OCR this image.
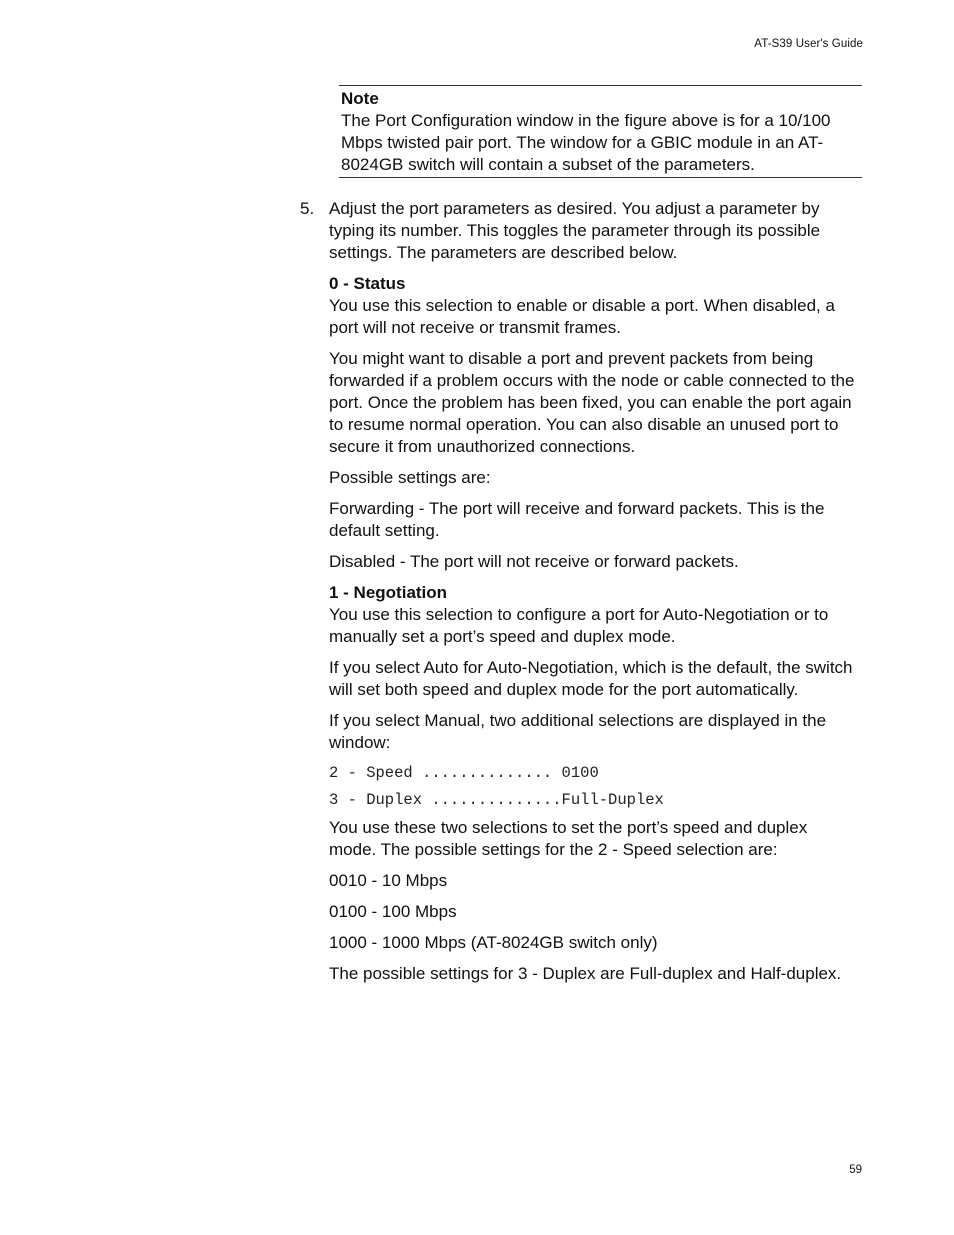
AT-S39 User's Guide
Note
The Port Configuration window in the figure above is for a 10/100 Mbps twisted pair port. The window for a GBIC module in an AT-8024GB switch will contain a subset of the parameters.
5. Adjust the port parameters as desired. You adjust a parameter by typing its number. This toggles the parameter through its possible settings. The parameters are described below.

0 - Status

You use this selection to enable or disable a port. When disabled, a port will not receive or transmit frames.

You might want to disable a port and prevent packets from being forwarded if a problem occurs with the node or cable connected to the port. Once the problem has been fixed, you can enable the port again to resume normal operation. You can also disable an unused port to secure it from unauthorized connections.

Possible settings are:

Forwarding - The port will receive and forward packets. This is the default setting.

Disabled - The port will not receive or forward packets.

1 - Negotiation

You use this selection to configure a port for Auto-Negotiation or to manually set a port’s speed and duplex mode.

If you select Auto for Auto-Negotiation, which is the default, the switch will set both speed and duplex mode for the port automatically.

If you select Manual, two additional selections are displayed in the window:

2 - Speed .............. 0100
3 - Duplex ..............Full-Duplex

You use these two selections to set the port’s speed and duplex mode. The possible settings for the 2 - Speed selection are:

0010 - 10 Mbps

0100 - 100 Mbps

1000 - 1000 Mbps (AT-8024GB switch only)

The possible settings for 3 - Duplex are Full-duplex and Half-duplex.

59
